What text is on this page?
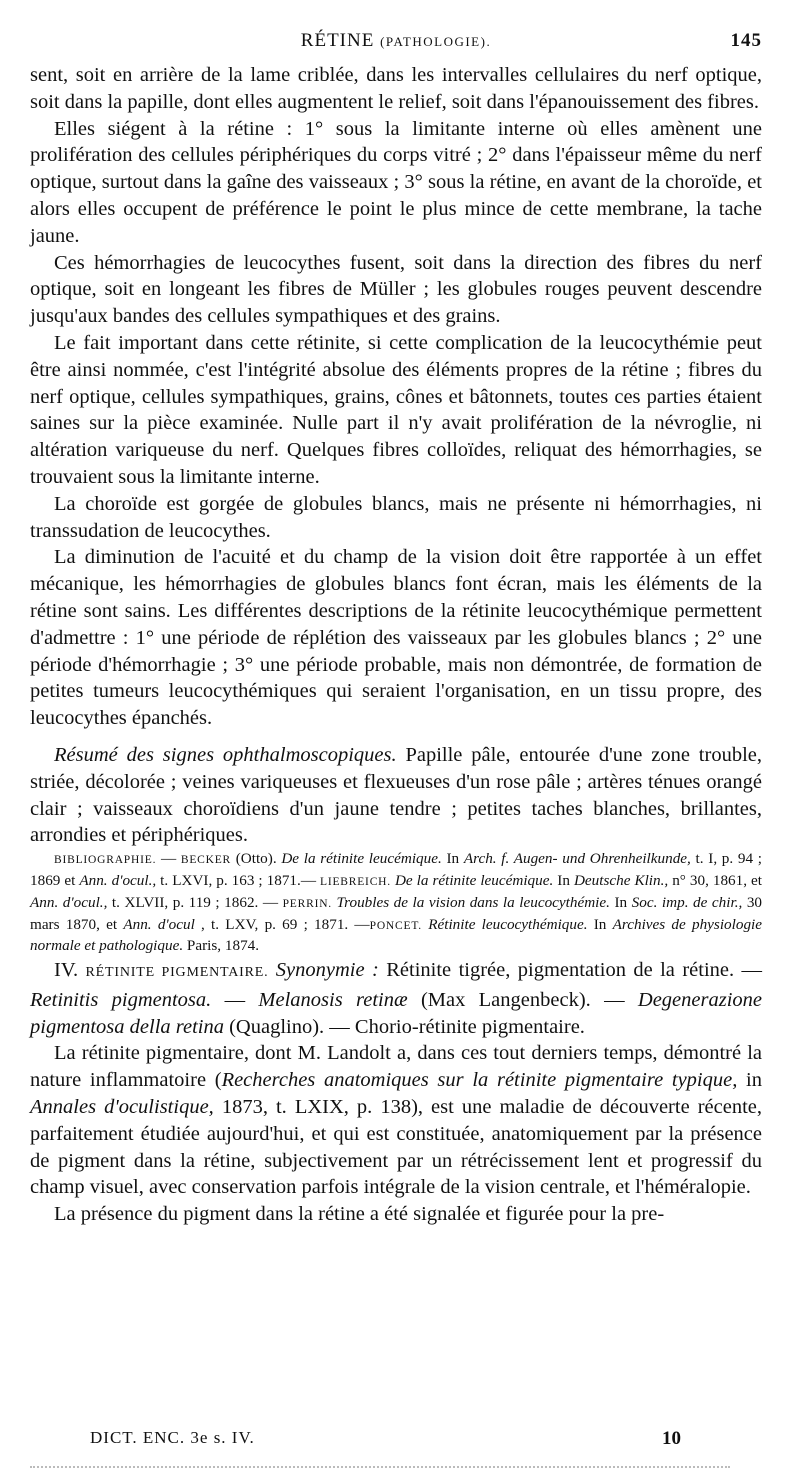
RÉTINE (PATHOLOGIE).	145

sent, soit en arrière de la lame criblée, dans les intervalles cellulaires du nerf optique, soit dans la papille, dont elles augmentent le relief, soit dans l'épanouissement des fibres.

Elles siégent à la rétine : 1° sous la limitante interne où elles amènent une prolifération des cellules périphériques du corps vitré ; 2° dans l'épaisseur même du nerf optique, surtout dans la gaîne des vaisseaux ; 3° sous la rétine, en avant de la choroïde, et alors elles occupent de préférence le point le plus mince de cette membrane, la tache jaune.

Ces hémorrhagies de leucocythes fusent, soit dans la direction des fibres du nerf optique, soit en longeant les fibres de Müller ; les globules rouges peuvent descendre jusqu'aux bandes des cellules sympathiques et des grains.

Le fait important dans cette rétinite, si cette complication de la leucocythémie peut être ainsi nommée, c'est l'intégrité absolue des éléments propres de la rétine ; fibres du nerf optique, cellules sympathiques, grains, cônes et bâtonnets, toutes ces parties étaient saines sur la pièce examinée. Nulle part il n'y avait prolifération de la névroglie, ni altération variqueuse du nerf. Quelques fibres colloïdes, reliquat des hémorrhagies, se trouvaient sous la limitante interne.

La choroïde est gorgée de globules blancs, mais ne présente ni hémorrhagies, ni transsudation de leucocythes.

La diminution de l'acuité et du champ de la vision doit être rapportée à un effet mécanique, les hémorrhagies de globules blancs font écran, mais les éléments de la rétine sont sains. Les différentes descriptions de la rétinite leucocythémique permettent d'admettre : 1° une période de réplétion des vaisseaux par les globules blancs ; 2° une période d'hémorrhagie ; 3° une période probable, mais non démontrée, de formation de petites tumeurs leucocythémiques qui seraient l'organisation, en un tissu propre, des leucocythes épanchés.

Résumé des signes ophthalmoscopiques. Papille pâle, entourée d'une zone trouble, striée, décolorée ; veines variqueuses et flexueuses d'un rose pâle ; artères ténues orangé clair ; vaisseaux choroïdiens d'un jaune tendre ; petites taches blanches, brillantes, arrondies et périphériques.

BIBLIOGRAPHIE. — BECKER (Otto). De la rétinite leucémique. In Arch. f. Augen- und Ohrenheilkunde, t. I, p. 94 ; 1869 et Ann. d'ocul., t. LXVI, p. 163 ; 1871.— LIEBREICH. De la rétinite leucémique. In Deutsche Klin., n° 30, 1861, et Ann. d'ocul., t. XLVII, p. 119 ; 1862. — PERRIN. Troubles de la vision dans la leucocythémie. In Soc. imp. de chir., 30 mars 1870, et Ann. d'ocul , t. LXV, p. 69 ; 1871. —PONCET. Rétinite leucocythémique. In Archives de physiologie normale et pathologique. Paris, 1874.

IV. RÉTINITE PIGMENTAIRE. Synonymie : Rétinite tigrée, pigmentation de la rétine. — Retinitis pigmentosa. — Melanosis retinæ (Max Langenbeck). — Degenerazione pigmentosa della retina (Quaglino). — Chorio-rétinite pigmentaire.

La rétinite pigmentaire, dont M. Landolt a, dans ces tout derniers temps, démontré la nature inflammatoire (Recherches anatomiques sur la rétinite pigmentaire typique, in Annales d'oculistique, 1873, t. LXIX, p. 138), est une maladie de découverte récente, parfaitement étudiée aujourd'hui, et qui est constituée, anatomiquement par la présence de pigment dans la rétine, subjectivement par un rétrécissement lent et progressif du champ visuel, avec conservation parfois intégrale de la vision centrale, et l'héméralopie.

La présence du pigment dans la rétine a été signalée et figurée pour la pre-

DICT. ENC. 3e s. IV.	10
